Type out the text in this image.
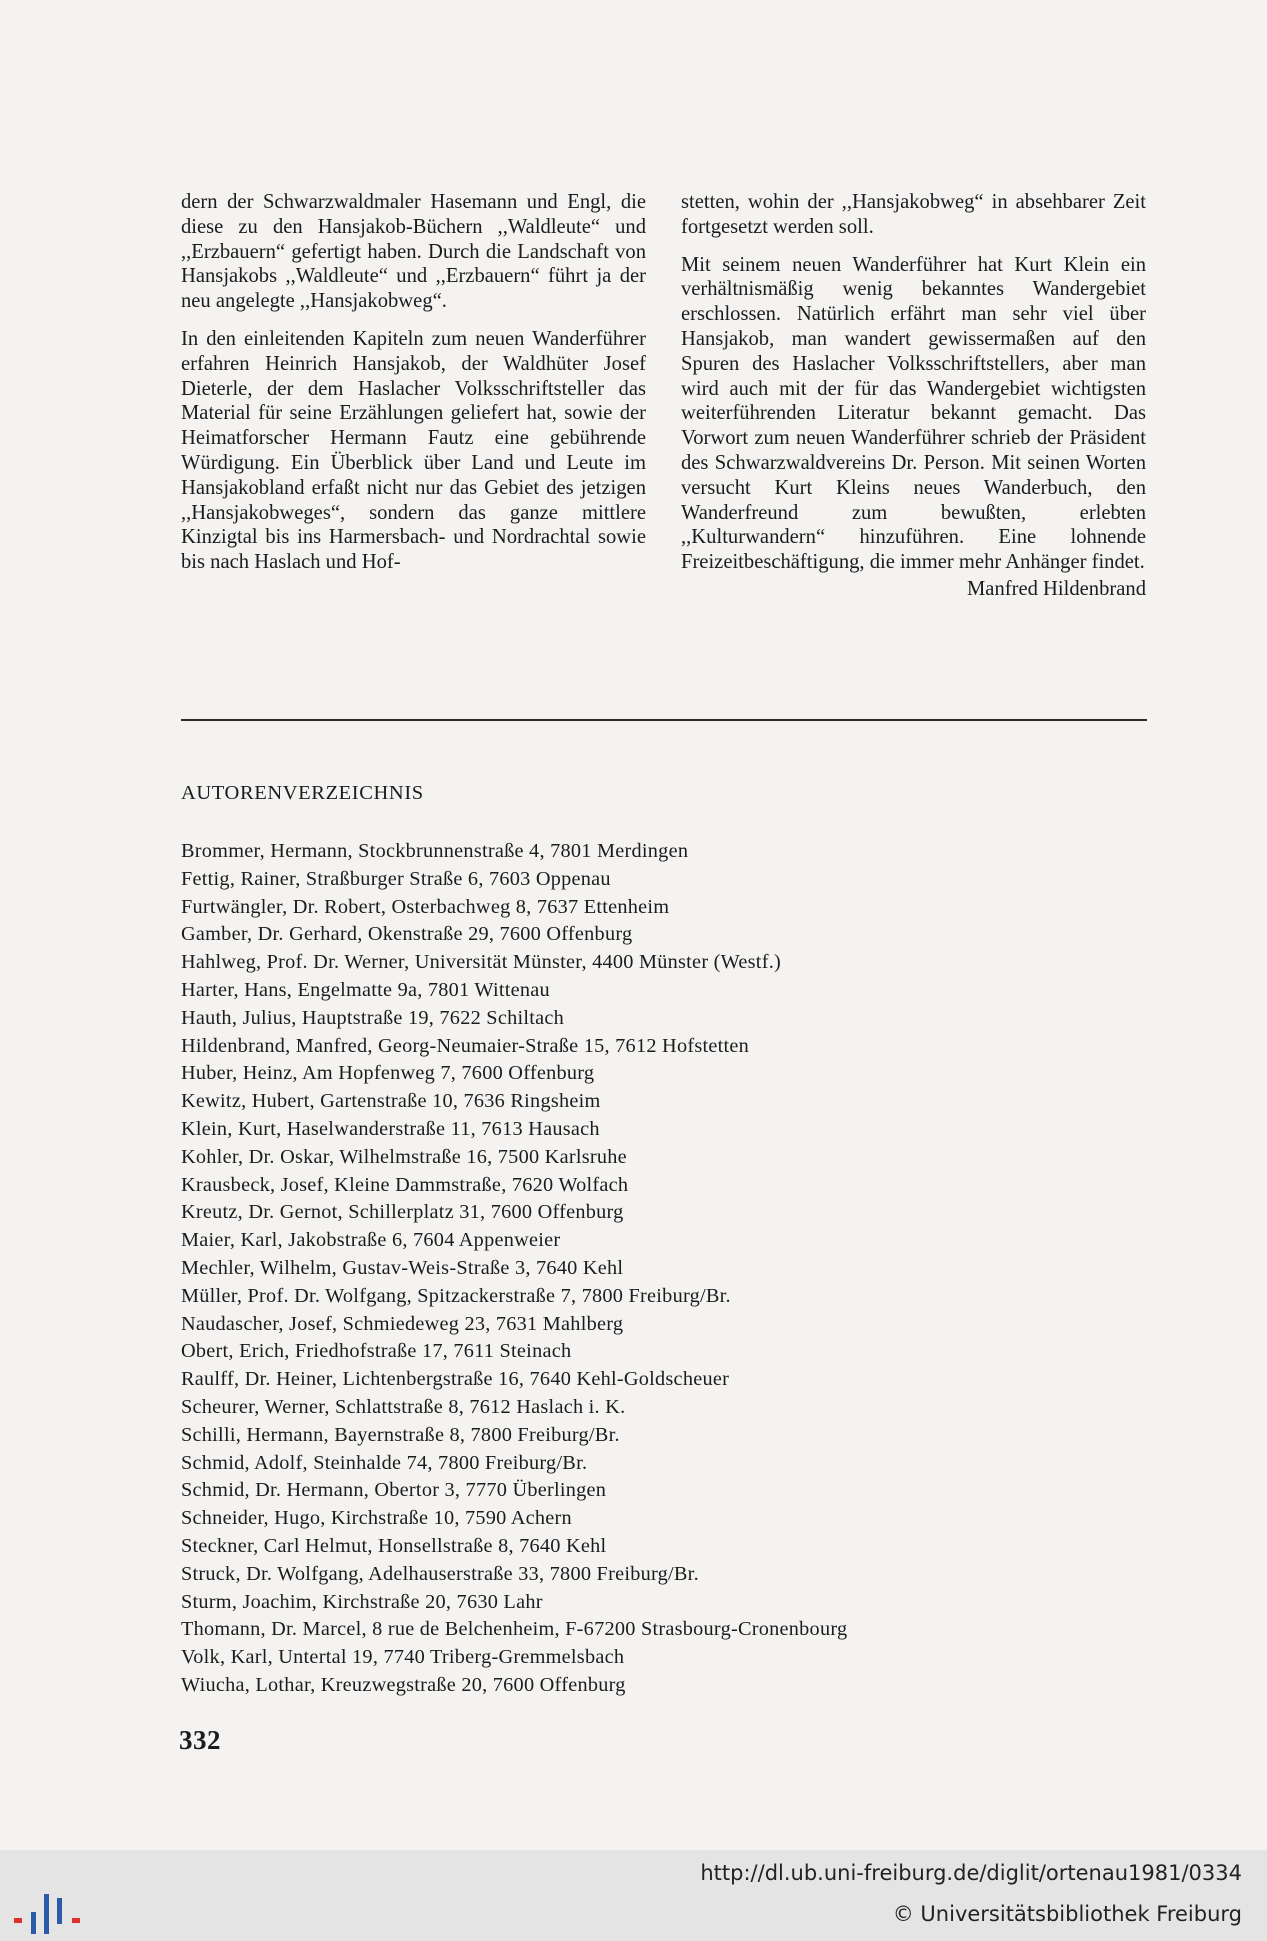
dern der Schwarzwaldmaler Hasemann und Engl, die diese zu den Hansjakob-Büchern ,,Waldleute“ und ,,Erzbauern“ gefertigt haben. Durch die Landschaft von Hansjakobs ,,Waldleute“ und ,,Erzbauern“ führt ja der neu angelegte ,,Hansjakobweg“.

In den einleitenden Kapiteln zum neuen Wanderführer erfahren Heinrich Hansjakob, der Waldhüter Josef Dieterle, der dem Haslacher Volksschriftsteller das Material für seine Erzählungen geliefert hat, sowie der Heimatforscher Hermann Fautz eine gebührende Würdigung. Ein Überblick über Land und Leute im Hansjakobland erfaßt nicht nur das Gebiet des jetzigen ,,Hansjakobweges“, sondern das ganze mittlere Kinzigtal bis ins Harmersbach- und Nordrachtal sowie bis nach Haslach und Hof-

stetten, wohin der ,,Hansjakobweg“ in absehbarer Zeit fortgesetzt werden soll.

Mit seinem neuen Wanderführer hat Kurt Klein ein verhältnismäßig wenig bekanntes Wandergebiet erschlossen. Natürlich erfährt man sehr viel über Hansjakob, man wandert gewissermaßen auf den Spuren des Haslacher Volksschriftstellers, aber man wird auch mit der für das Wandergebiet wichtigsten weiterführenden Literatur bekannt gemacht. Das Vorwort zum neuen Wanderführer schrieb der Präsident des Schwarzwaldvereins Dr. Person. Mit seinen Worten versucht Kurt Kleins neues Wanderbuch, den Wanderfreund zum bewußten, erlebten ,,Kulturwandern“ hinzuführen. Eine lohnende Freizeitbeschäftigung, die immer mehr Anhänger findet.

Manfred Hildenbrand
AUTORENVERZEICHNIS
Brommer, Hermann, Stockbrunnenstraße 4, 7801 Merdingen
Fettig, Rainer, Straßburger Straße 6, 7603 Oppenau
Furtwängler, Dr. Robert, Osterbachweg 8, 7637 Ettenheim
Gamber, Dr. Gerhard, Okenstraße 29, 7600 Offenburg
Hahlweg, Prof. Dr. Werner, Universität Münster, 4400 Münster (Westf.)
Harter, Hans, Engelmatte 9a, 7801 Wittenau
Hauth, Julius, Hauptstraße 19, 7622 Schiltach
Hildenbrand, Manfred, Georg-Neumaier-Straße 15, 7612 Hofstetten
Huber, Heinz, Am Hopfenweg 7, 7600 Offenburg
Kewitz, Hubert, Gartenstraße 10, 7636 Ringsheim
Klein, Kurt, Haselwanderstraße 11, 7613 Hausach
Kohler, Dr. Oskar, Wilhelmstraße 16, 7500 Karlsruhe
Krausbeck, Josef, Kleine Dammstraße, 7620 Wolfach
Kreutz, Dr. Gernot, Schillerplatz 31, 7600 Offenburg
Maier, Karl, Jakobstraße 6, 7604 Appenweier
Mechler, Wilhelm, Gustav-Weis-Straße 3, 7640 Kehl
Müller, Prof. Dr. Wolfgang, Spitzackerstraße 7, 7800 Freiburg/Br.
Naudascher, Josef, Schmiedeweg 23, 7631 Mahlberg
Obert, Erich, Friedhofstraße 17, 7611 Steinach
Raulff, Dr. Heiner, Lichtenbergstraße 16, 7640 Kehl-Goldscheuer
Scheurer, Werner, Schlattstraße 8, 7612 Haslach i. K.
Schilli, Hermann, Bayernstraße 8, 7800 Freiburg/Br.
Schmid, Adolf, Steinhalde 74, 7800 Freiburg/Br.
Schmid, Dr. Hermann, Obertor 3, 7770 Überlingen
Schneider, Hugo, Kirchstraße 10, 7590 Achern
Steckner, Carl Helmut, Honsellstraße 8, 7640 Kehl
Struck, Dr. Wolfgang, Adelhauserstraße 33, 7800 Freiburg/Br.
Sturm, Joachim, Kirchstraße 20, 7630 Lahr
Thomann, Dr. Marcel, 8 rue de Belchenheim, F-67200 Strasbourg-Cronenbourg
Volk, Karl, Untertal 19, 7740 Triberg-Gremmelsbach
Wiucha, Lothar, Kreuzwegstraße 20, 7600 Offenburg
332
http://dl.ub.uni-freiburg.de/diglit/ortenau1981/0334
© Universitätsbibliothek Freiburg
